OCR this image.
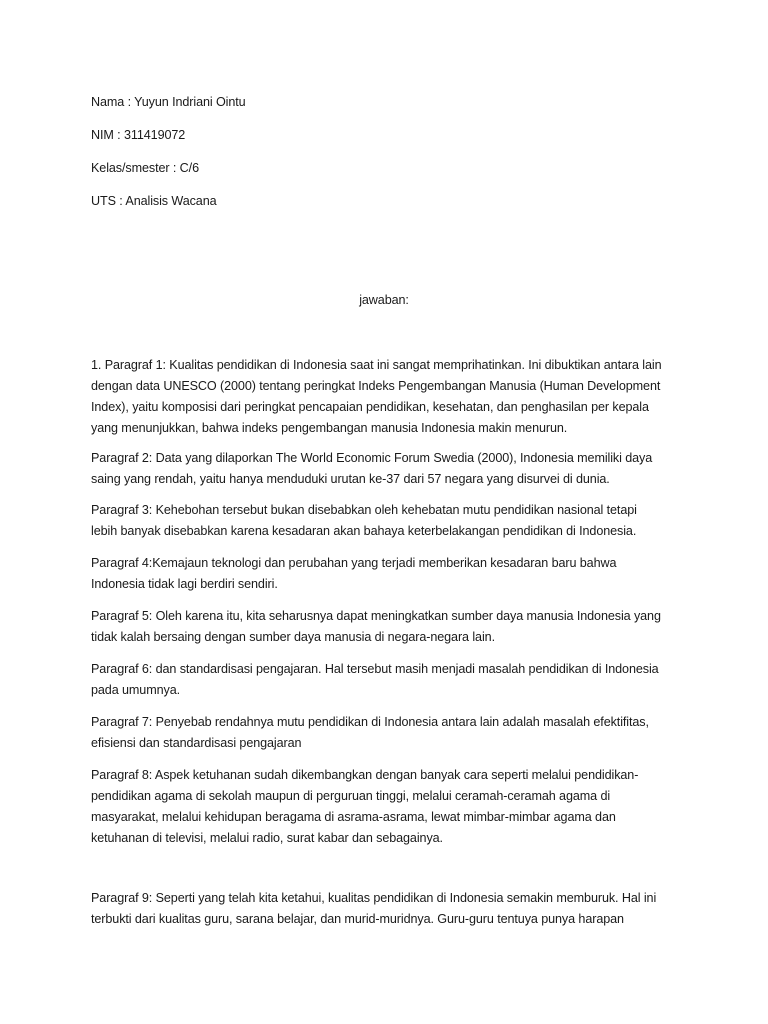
Nama : Yuyun Indriani Ointu

NIM : 311419072

Kelas/smester : C/6

UTS : Analisis Wacana

jawaban:

1. Paragraf 1: Kualitas pendidikan di Indonesia saat ini sangat memprihatinkan. Ini dibuktikan antara lain
dengan data UNESCO (2000) tentang peringkat Indeks Pengembangan Manusia (Human Development
Index), yaitu komposisi dari peringkat pencapaian pendidikan, kesehatan, dan penghasilan per kepala
yang menunjukkan, bahwa indeks pengembangan manusia Indonesia makin menurun.

Paragraf 2: Data yang dilaporkan The World Economic Forum Swedia (2000), Indonesia memiliki daya
saing yang rendah, yaitu hanya menduduki urutan ke-37 dari 57 negara yang disurvei di dunia.

Paragraf 3: Kehebohan tersebut bukan disebabkan oleh kehebatan mutu pendidikan nasional tetapi
lebih banyak disebabkan karena kesadaran akan bahaya keterbelakangan pendidikan di Indonesia.

Paragraf 4:Kemajaun teknologi dan perubahan yang terjadi memberikan kesadaran baru bahwa
Indonesia tidak lagi berdiri sendiri.

Paragraf 5: Oleh karena itu, kita seharusnya dapat meningkatkan sumber daya manusia Indonesia yang
tidak kalah bersaing dengan sumber daya manusia di negara-negara lain.

Paragraf 6: dan standardisasi pengajaran. Hal tersebut masih menjadi masalah pendidikan di Indonesia
pada umumnya.

Paragraf 7: Penyebab rendahnya mutu pendidikan di Indonesia antara lain adalah masalah efektifitas,
efisiensi dan standardisasi pengajaran

Paragraf 8: Aspek ketuhanan sudah dikembangkan dengan banyak cara seperti melalui pendidikan-
pendidikan agama di sekolah maupun di perguruan tinggi, melalui ceramah-ceramah agama di
masyarakat, melalui kehidupan beragama di asrama-asrama, lewat mimbar-mimbar agama dan
ketuhanan di televisi, melalui radio, surat kabar dan sebagainya.

Paragraf 9: Seperti yang telah kita ketahui, kualitas pendidikan di Indonesia semakin memburuk. Hal ini
terbukti dari kualitas guru, sarana belajar, dan murid-muridnya. Guru-guru tentuya punya harapan
